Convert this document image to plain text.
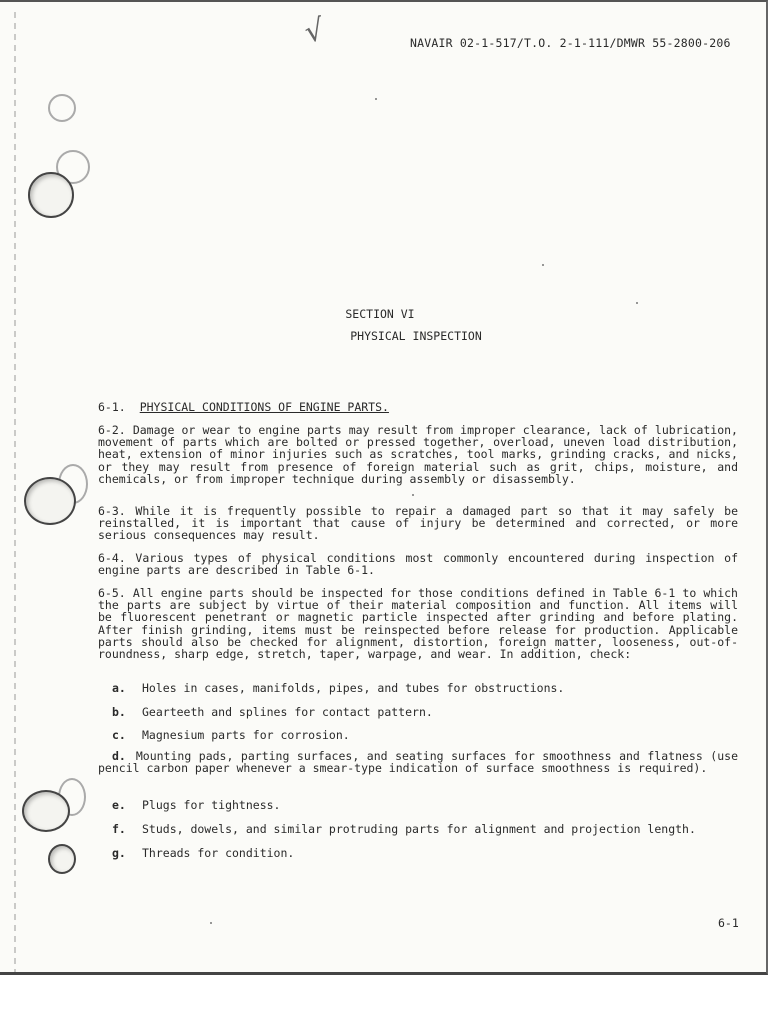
√	NAVAIR 02-1-517/T.O. 2-1-111/DMWR 55-2800-206
SECTION VI
PHYSICAL INSPECTION
6-1. PHYSICAL CONDITIONS OF ENGINE PARTS.

6-2. Damage or wear to engine parts may result from improper clearance, lack of lubrication, movement of parts which are bolted or pressed together, overload, uneven load distribution, heat, extension of minor injuries such as scratches, tool marks, grinding cracks, and nicks, or they may result from presence of foreign material such as grit, chips, moisture, and chemicals, or from improper technique during assembly or disassembly.

6-3. While it is frequently possible to repair a damaged part so that it may safely be reinstalled, it is important that cause of injury be determined and corrected, or more serious consequences may result.

6-4. Various types of physical conditions most commonly encountered during inspection of engine parts are described in Table 6-1.

6-5. All engine parts should be inspected for those conditions defined in Table 6-1 to which the parts are subject by virtue of their material composition and function. All items will be fluorescent penetrant or magnetic particle inspected after grinding and before plating. After finish grinding, items must be reinspected before release for production. Applicable parts should also be checked for alignment, distortion, foreign matter, looseness, out-of-roundness, sharp edge, stretch, taper, warpage, and wear. In addition, check:

a. Holes in cases, manifolds, pipes, and tubes for obstructions.
b. Gearteeth and splines for contact pattern.
c. Magnesium parts for corrosion.
d. Mounting pads, parting surfaces, and seating surfaces for smoothness and flatness (use pencil carbon paper whenever a smear-type indication of surface smoothness is required).
e. Plugs for tightness.
f. Studs, dowels, and similar protruding parts for alignment and projection length.
g. Threads for condition.
6-1
